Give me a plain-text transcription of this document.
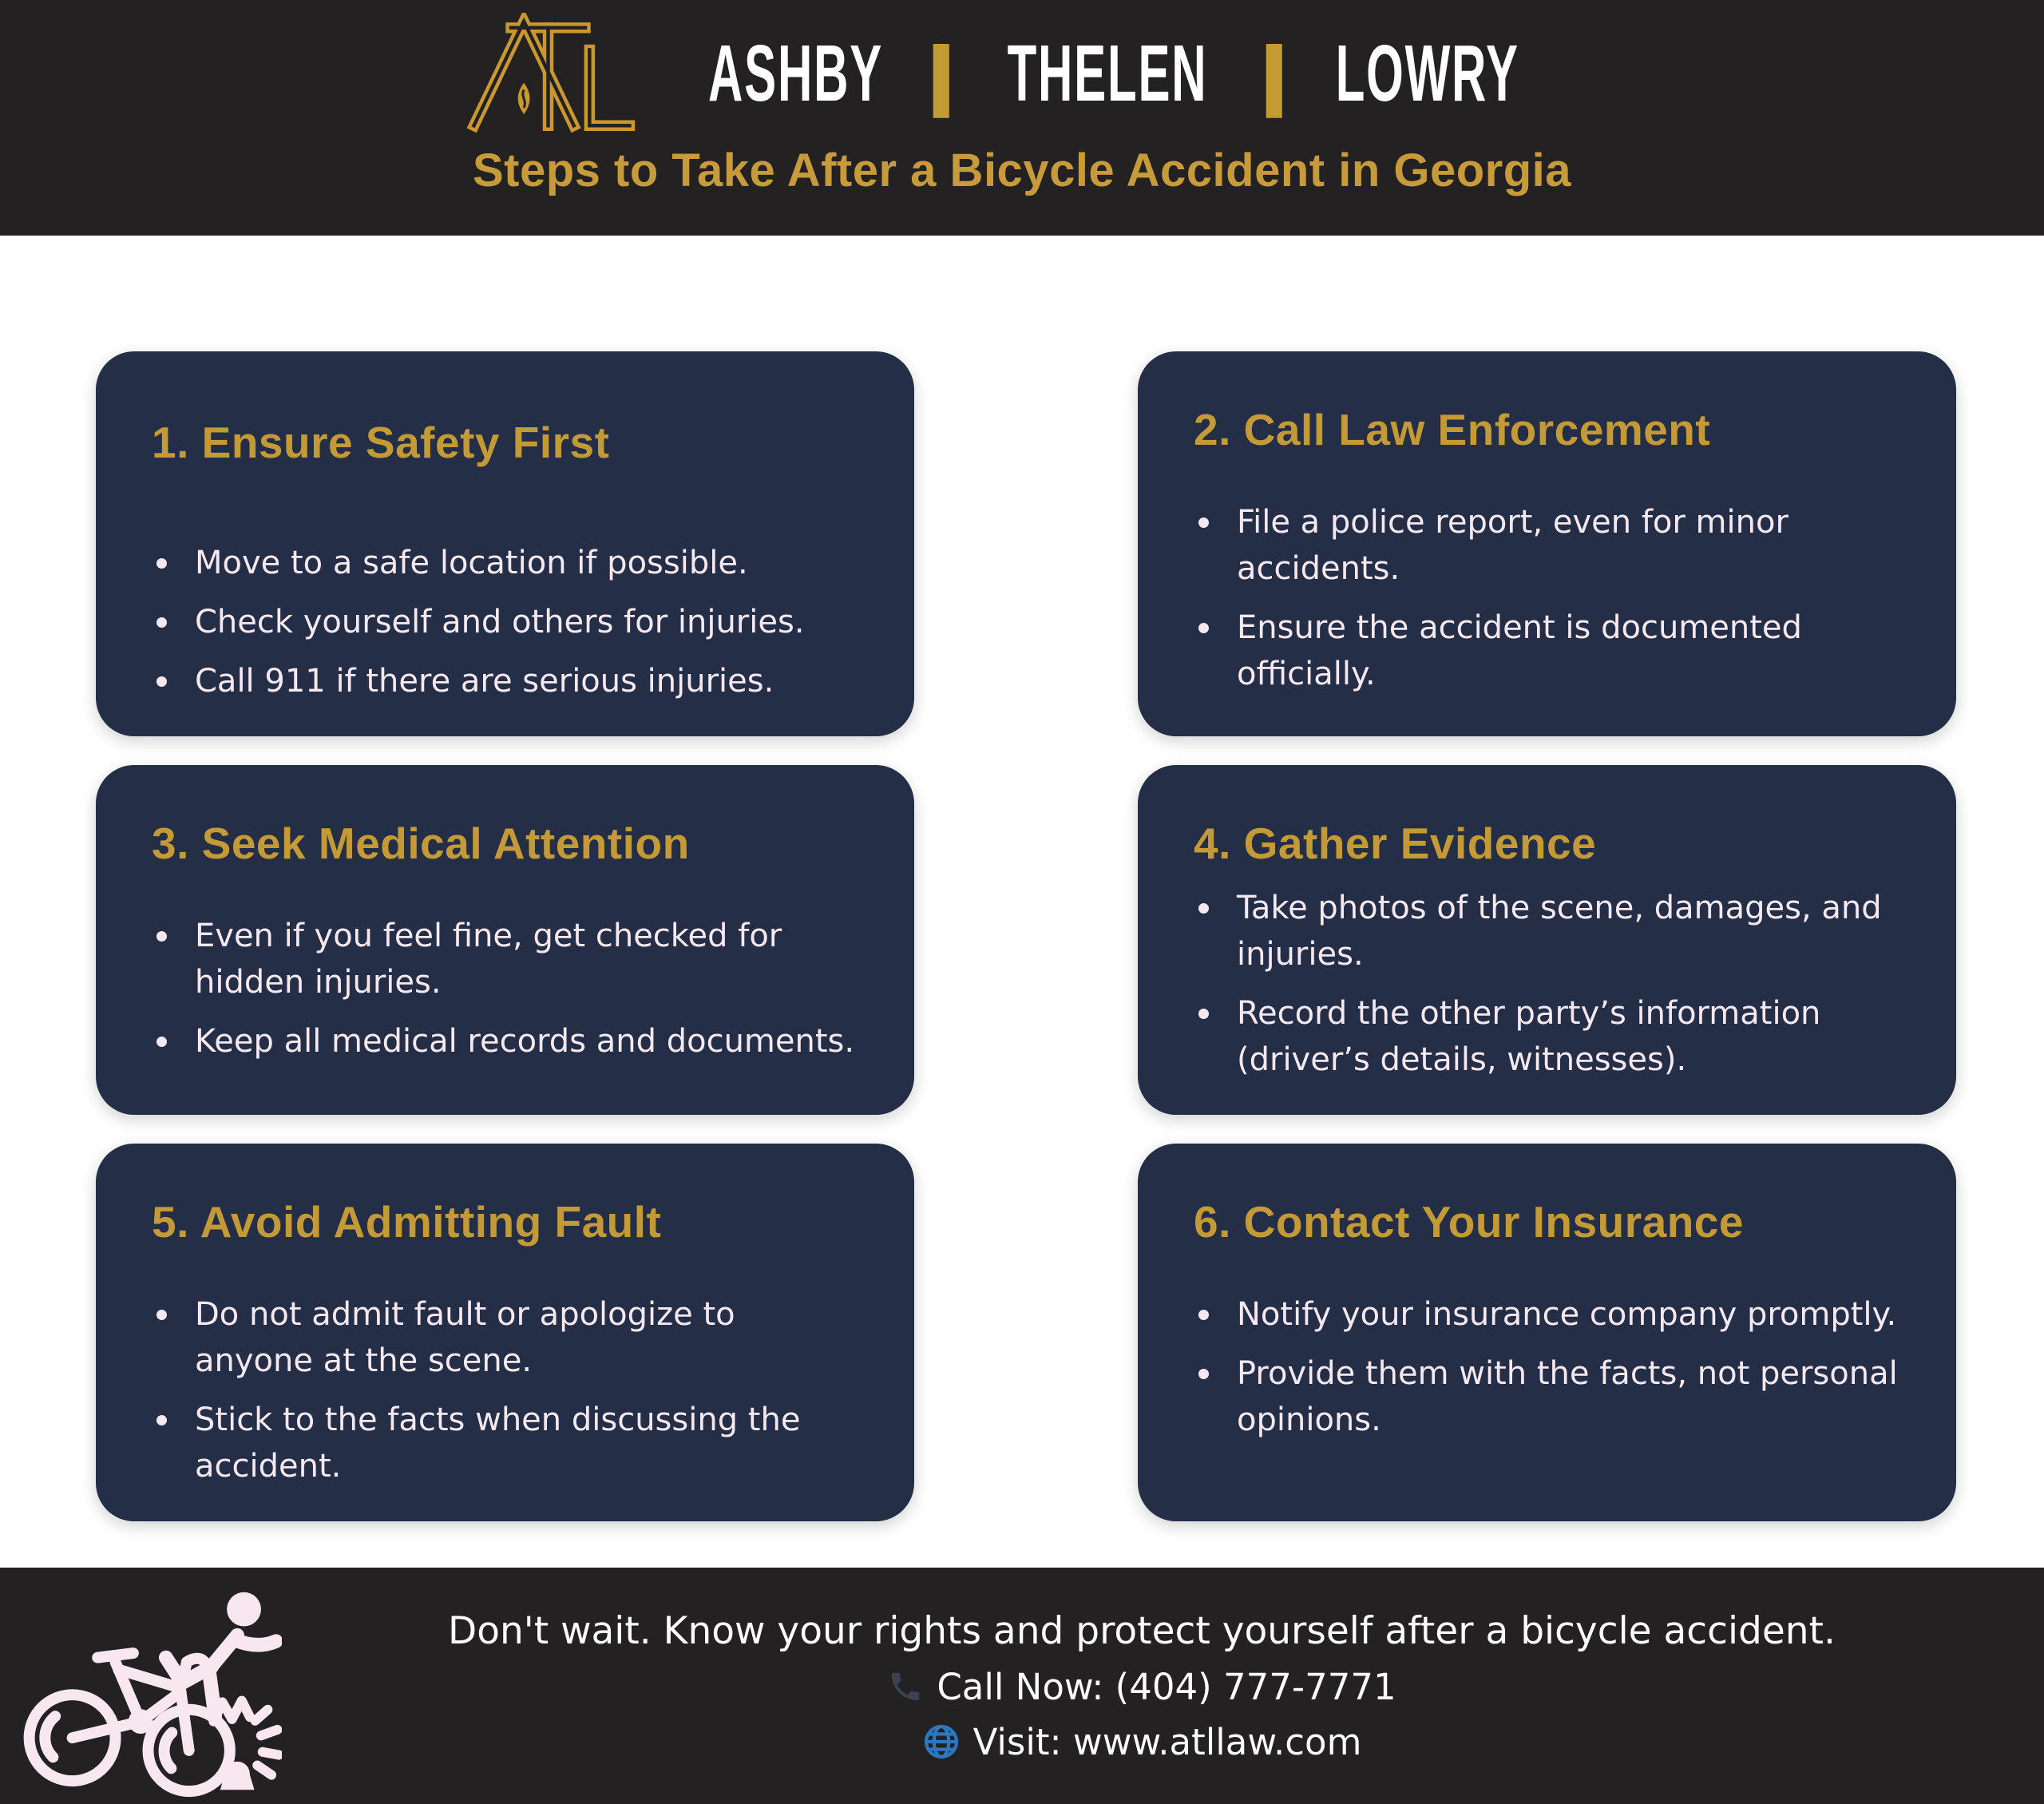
ASHBY | THELEN | LOWRY
Steps to Take After a Bicycle Accident in Georgia
1. Ensure Safety First
Move to a safe location if possible.
Check yourself and others for injuries.
Call 911 if there are serious injuries.
2. Call Law Enforcement
File a police report, even for minor accidents.
Ensure the accident is documented officially.
3. Seek Medical Attention
Even if you feel fine, get checked for hidden injuries.
Keep all medical records and documents.
4. Gather Evidence
Take photos of the scene, damages, and injuries.
Record the other party’s information (driver’s details, witnesses).
5. Avoid Admitting Fault
Do not admit fault or apologize to anyone at the scene.
Stick to the facts when discussing the accident.
6. Contact Your Insurance
Notify your insurance company promptly.
Provide them with the facts, not personal opinions.
Don't wait. Know your rights and protect yourself after a bicycle accident.
Call Now: (404) 777-7771
Visit: www.atllaw.com
